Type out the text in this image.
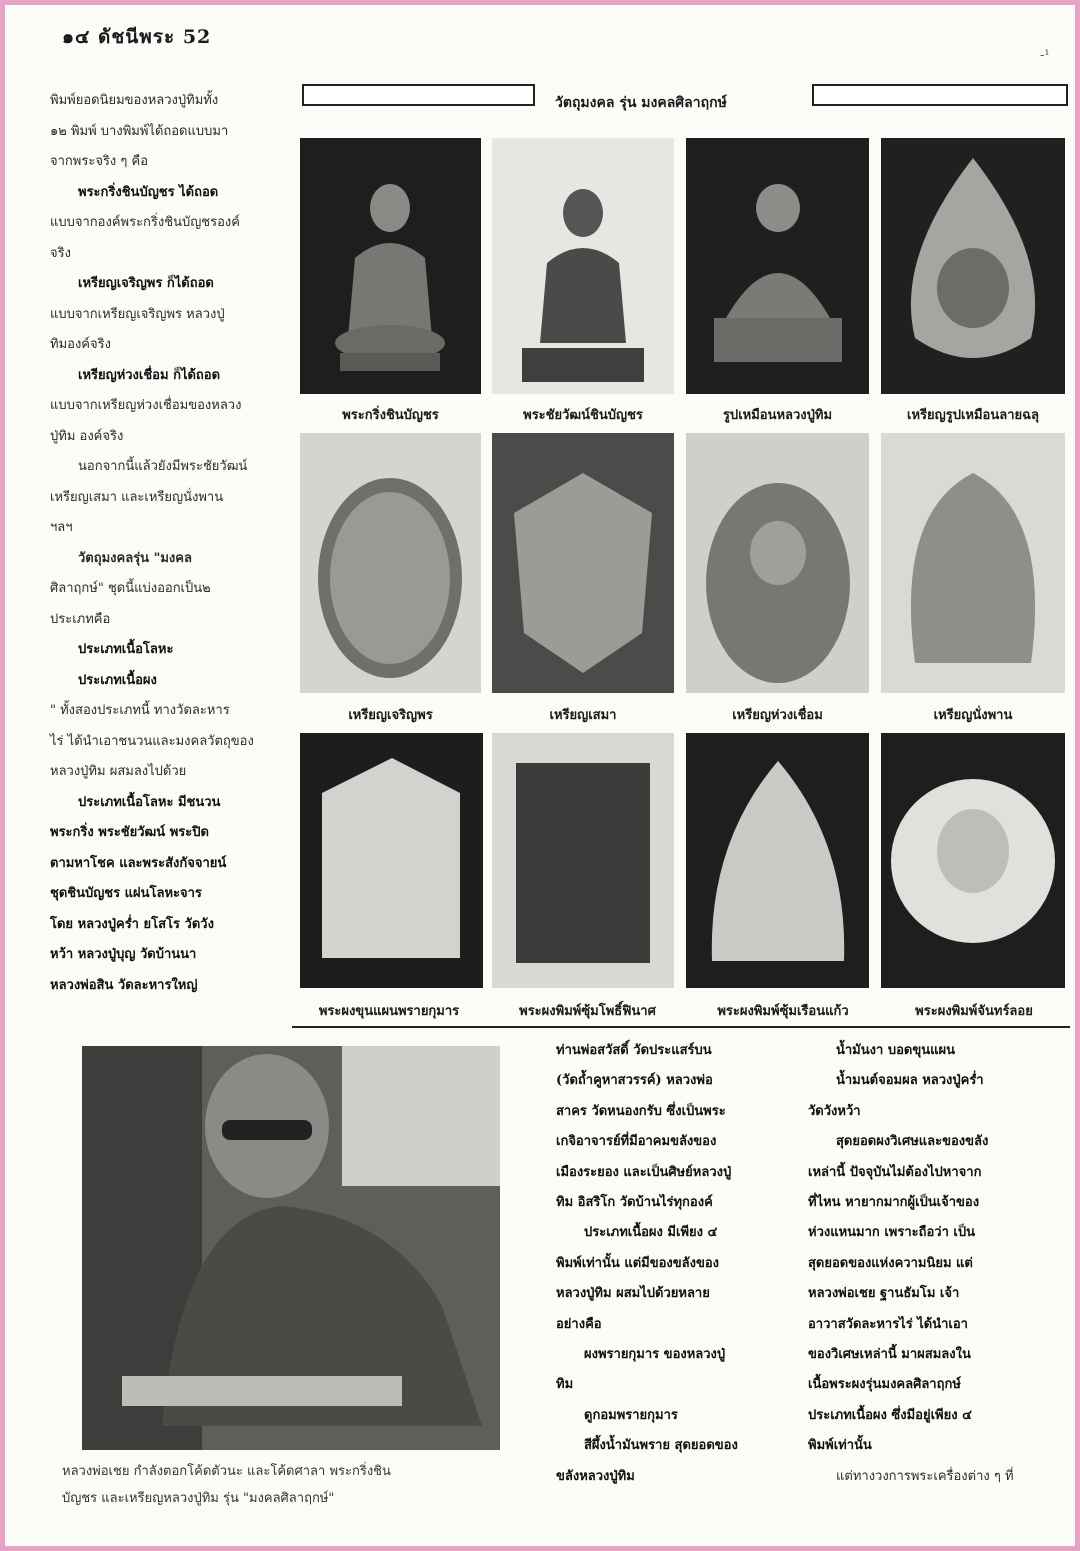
๑๔ ดัชนีพระ 52
-¹

พิมพ์ยอดนิยมของหลวงปู่ทิมทั้ง

๑๒ พิมพ์ บางพิมพ์ได้ถอดแบบมา

จากพระจริง ๆ คือ

พระกริ่งชินบัญชร ได้ถอด

แบบจากองค์พระกริ่งชินบัญชรองค์

จริง

เหรียญเจริญพร ก็ได้ถอด

แบบจากเหรียญเจริญพร หลวงปู่

ทิมองค์จริง

เหรียญห่วงเชื่อม ก็ได้ถอด

แบบจากเหรียญห่วงเชื่อมของหลวง

ปู่ทิม องค์จริง

นอกจากนี้แล้วยังมีพระชัยวัฒน์

เหรียญเสมา และเหรียญนั่งพาน

ฯลฯ

วัตถุมงคลรุ่น "มงคล

ศิลาฤกษ์" ชุดนี้แบ่งออกเป็น๒

ประเภทคือ

ประเภทเนื้อโลหะ

ประเภทเนื้อผง

" ทั้งสองประเภทนี้ ทางวัดละหาร

ไร่ ได้นำเอาชนวนและมงคลวัตถุของ

หลวงปู่ทิม ผสมลงไปด้วย

ประเภทเนื้อโลหะ มีชนวน

พระกริ่ง พระชัยวัฒน์ พระปิด

ตามหาโชค และพระสังกัจจายน์

ชุดชินบัญชร แผ่นโลหะจาร

โดย หลวงปู่คร่ำ ยโสโร วัดวัง

หว้า หลวงปู่บุญ วัดบ้านนา

หลวงพ่อสิน วัดละหารใหญ่

วัตถุมงคล รุ่น มงคลศิลาฤกษ์
พระกริ่งชินบัญชร	พระชัยวัฒน์ชินบัญชร	รูปเหมือนหลวงปู่ทิม	เหรียญรูปเหมือนลายฉลุ
เหรียญเจริญพร	เหรียญเสมา	เหรียญห่วงเชื่อม	เหรียญนั่งพาน
พระผงขุนแผนพรายกุมาร	พระผงพิมพ์ซุ้มโพธิ์ฟินาศ	พระผงพิมพ์ซุ้มเรือนแก้ว	พระผงพิมพ์จันทร์ลอย
หลวงพ่อเชย กำลังตอกโค้ดตัวนะ และโค้ดศาลา พระกริ่งชิน
บัญชร และเหรียญหลวงปู่ทิม รุ่น "มงคลศิลาฤกษ์"

ท่านพ่อสวัสดิ์ วัดประแสร์บน

(วัดถ้ำคูหาสวรรค์) หลวงพ่อ

สาคร วัดหนองกรับ ซึ่งเป็นพระ

เกจิอาจารย์ที่มีอาคมขลังของ

เมืองระยอง และเป็นศิษย์หลวงปู่

ทิม อิสริโก วัดบ้านไร่ทุกองค์

ประเภทเนื้อผง มีเพียง ๔

พิมพ์เท่านั้น แต่มีของขลังของ

หลวงปู่ทิม ผสมไปด้วยหลาย

อย่างคือ

ผงพรายกุมาร ของหลวงปู่

ทิม

ดูกอมพรายกุมาร

สีผึ้งน้ำมันพราย สุดยอดของ

ขลังหลวงปู่ทิม

น้ำมันงา บอดขุนแผน

น้ำมนต์จอมผล หลวงปู่คร่ำ

วัดวังหว้า

สุดยอดผงวิเศษและของขลัง

เหล่านี้ ปัจจุบันไม่ต้องไปหาจาก

ที่ไหน หายากมากผู้เป็นเจ้าของ

ห่วงแหนมาก เพราะถือว่า เป็น

สุดยอดของแห่งความนิยม แต่

หลวงพ่อเชย ฐานธัมโม เจ้า

อาวาสวัดละหารไร่ ได้นำเอา

ของวิเศษเหล่านี้ มาผสมลงใน

เนื้อพระผงรุ่นมงคลศิลาฤกษ์

ประเภทเนื้อผง ซึ่งมีอยู่เพียง ๔

พิมพ์เท่านั้น

แต่ทางวงการพระเครื่องต่าง ๆ ที่
